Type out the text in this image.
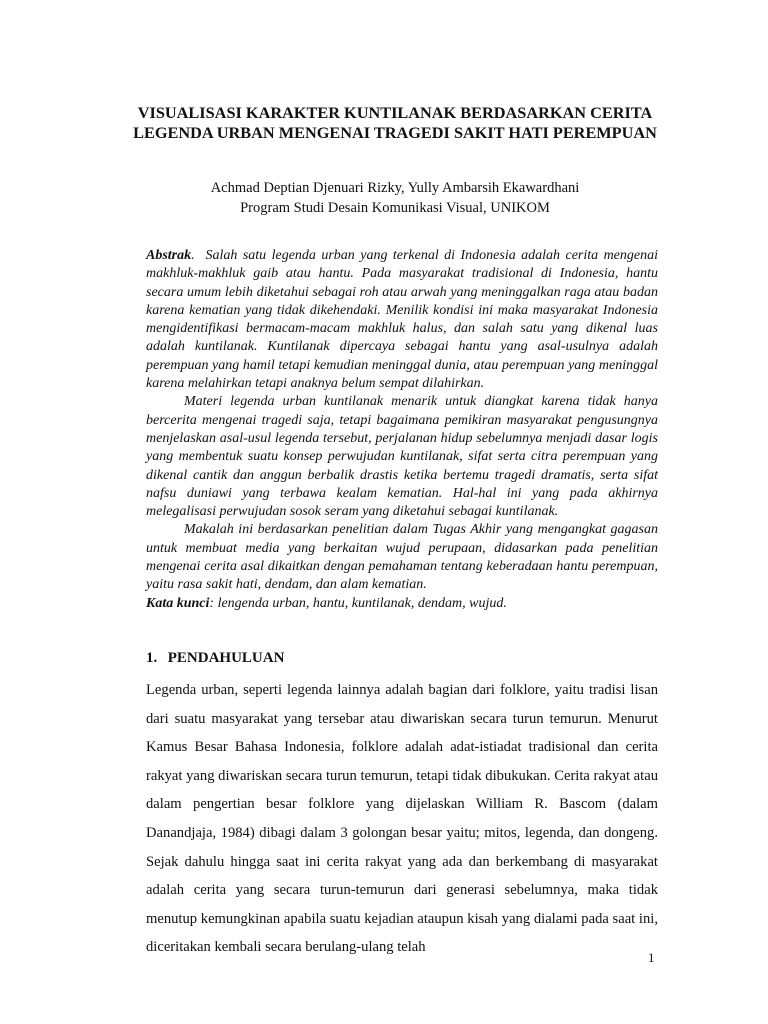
VISUALISASI KARAKTER KUNTILANAK BERDASARKAN CERITA LEGENDA URBAN MENGENAI TRAGEDI SAKIT HATI PEREMPUAN
Achmad Deptian Djenuari Rizky, Yully Ambarsih Ekawardhani
Program Studi Desain Komunikasi Visual, UNIKOM

Abstrak.  Salah satu legenda urban yang terkenal di Indonesia adalah cerita mengenai makhluk-makhluk gaib atau hantu. Pada masyarakat tradisional di Indonesia, hantu secara umum lebih diketahui sebagai roh atau arwah yang meninggalkan raga atau badan karena kematian yang tidak dikehendaki. Menilik kondisi ini maka masyarakat Indonesia mengidentifikasi bermacam-macam makhluk halus, dan salah satu yang dikenal luas adalah kuntilanak. Kuntilanak dipercaya sebagai hantu yang asal-usulnya adalah perempuan yang hamil tetapi kemudian meninggal dunia, atau perempuan yang meninggal karena melahirkan tetapi anaknya belum sempat dilahirkan.

Materi legenda urban kuntilanak menarik untuk diangkat karena tidak hanya bercerita mengenai tragedi saja, tetapi bagaimana pemikiran masyarakat pengusungnya menjelaskan asal-usul legenda tersebut, perjalanan hidup sebelumnya menjadi dasar logis yang membentuk suatu konsep perwujudan kuntilanak, sifat serta citra perempuan yang dikenal cantik dan anggun berbalik drastis ketika bertemu tragedi dramatis, serta sifat nafsu duniawi yang terbawa kealam kematian. Hal-hal ini yang pada akhirnya melegalisasi perwujudan sosok seram yang diketahui sebagai kuntilanak.

Makalah ini berdasarkan penelitian dalam Tugas Akhir yang mengangkat gagasan untuk membuat media yang berkaitan wujud perupaan, didasarkan pada penelitian mengenai cerita asal dikaitkan dengan pemahaman tentang keberadaan hantu perempuan, yaitu rasa sakit hati, dendam, dan alam kematian.

Kata kunci: lengenda urban, hantu, kuntilanak, dendam, wujud.

1. PENDAHULUAN

Legenda urban, seperti legenda lainnya adalah bagian dari folklore, yaitu tradisi lisan dari suatu masyarakat yang tersebar atau diwariskan secara turun temurun. Menurut Kamus Besar Bahasa Indonesia, folklore adalah adat-istiadat tradisional dan cerita rakyat yang diwariskan secara turun temurun, tetapi tidak dibukukan. Cerita rakyat atau dalam pengertian besar folklore yang dijelaskan William R. Bascom (dalam Danandjaja, 1984) dibagi dalam 3 golongan besar yaitu; mitos, legenda, dan dongeng. Sejak dahulu hingga saat ini cerita rakyat yang ada dan berkembang di masyarakat adalah cerita yang secara turun-temurun dari generasi sebelumnya, maka tidak menutup kemungkinan apabila suatu kejadian ataupun kisah yang dialami pada saat ini, diceritakan kembali secara berulang-ulang telah

1
